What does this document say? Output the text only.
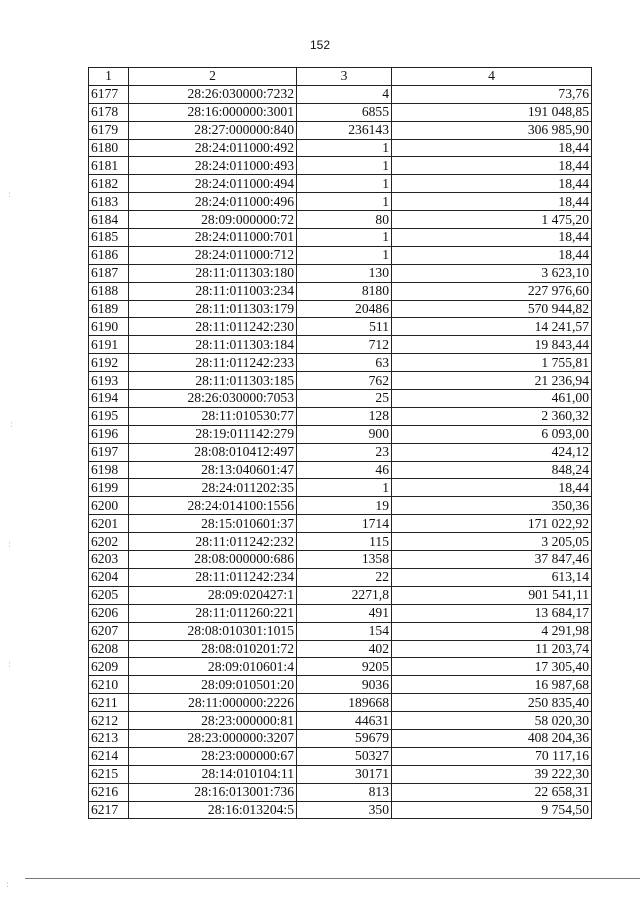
152
1	2	3	4
6177	28:26:030000:7232	4	73,76
6178	28:16:000000:3001	6855	191 048,85
6179	28:27:000000:840	236143	306 985,90
6180	28:24:011000:492	1	18,44
6181	28:24:011000:493	1	18,44
6182	28:24:011000:494	1	18,44
6183	28:24:011000:496	1	18,44
6184	28:09:000000:72	80	1 475,20
6185	28:24:011000:701	1	18,44
6186	28:24:011000:712	1	18,44
6187	28:11:011303:180	130	3 623,10
6188	28:11:011003:234	8180	227 976,60
6189	28:11:011303:179	20486	570 944,82
6190	28:11:011242:230	511	14 241,57
6191	28:11:011303:184	712	19 843,44
6192	28:11:011242:233	63	1 755,81
6193	28:11:011303:185	762	21 236,94
6194	28:26:030000:7053	25	461,00
6195	28:11:010530:77	128	2 360,32
6196	28:19:011142:279	900	6 093,00
6197	28:08:010412:497	23	424,12
6198	28:13:040601:47	46	848,24
6199	28:24:011202:35	1	18,44
6200	28:24:014100:1556	19	350,36
6201	28:15:010601:37	1714	171 022,92
6202	28:11:011242:232	115	3 205,05
6203	28:08:000000:686	1358	37 847,46
6204	28:11:011242:234	22	613,14
6205	28:09:020427:1	2271,8	901 541,11
6206	28:11:011260:221	491	13 684,17
6207	28:08:010301:1015	154	4 291,98
6208	28:08:010201:72	402	11 203,74
6209	28:09:010601:4	9205	17 305,40
6210	28:09:010501:20	9036	16 987,68
6211	28:11:000000:2226	189668	250 835,40
6212	28:23:000000:81	44631	58 020,30
6213	28:23:000000:3207	59679	408 204,36
6214	28:23:000000:67	50327	70 117,16
6215	28:14:010104:11	30171	39 222,30
6216	28:16:013001:736	813	22 658,31
6217	28:16:013204:5	350	9 754,50
:
:
:
:
:
